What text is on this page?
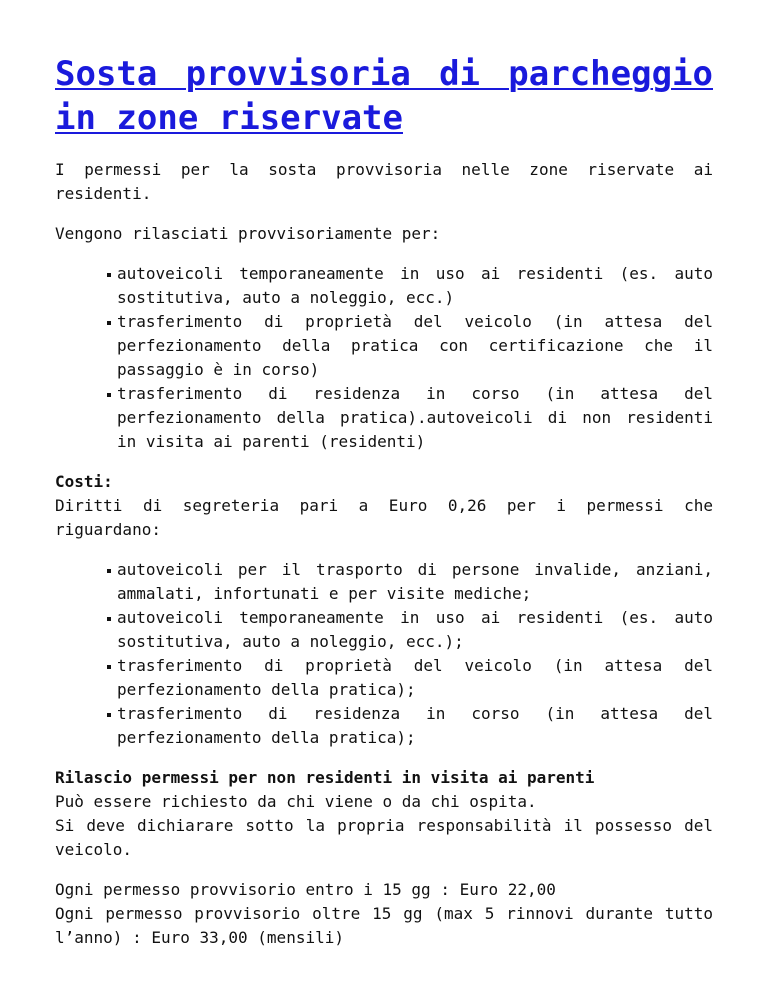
Sosta provvisoria di parcheggio in zone riservate

I permessi per la sosta provvisoria nelle zone riservate ai residenti.

Vengono rilasciati provvisoriamente per:

autoveicoli temporaneamente in uso ai residenti (es. auto sostitutiva, auto a noleggio, ecc.)
trasferimento di proprietà del veicolo (in attesa del perfezionamento della pratica con certificazione che il passaggio è in corso)
trasferimento di residenza in corso (in attesa del perfezionamento della pratica).autoveicoli di non residenti in visita ai parenti (residenti)
Costi:
Diritti di segreteria pari a Euro 0,26 per i permessi che riguardano:
autoveicoli per il trasporto di persone invalide, anziani, ammalati, infortunati e per visite mediche;
autoveicoli temporaneamente in uso ai residenti (es. auto sostitutiva, auto a noleggio, ecc.);
trasferimento di proprietà del veicolo (in attesa del perfezionamento della pratica);
trasferimento di residenza in corso (in attesa del perfezionamento della pratica);
Rilascio permessi per non residenti in visita ai parenti
Può essere richiesto da chi viene o da chi ospita.
Si deve dichiarare sotto la propria responsabilità il possesso del veicolo.
Ogni permesso provvisorio entro i 15 gg : Euro 22,00
Ogni permesso provvisorio oltre 15 gg (max 5 rinnovi durante tutto l’anno) : Euro 33,00 (mensili)
